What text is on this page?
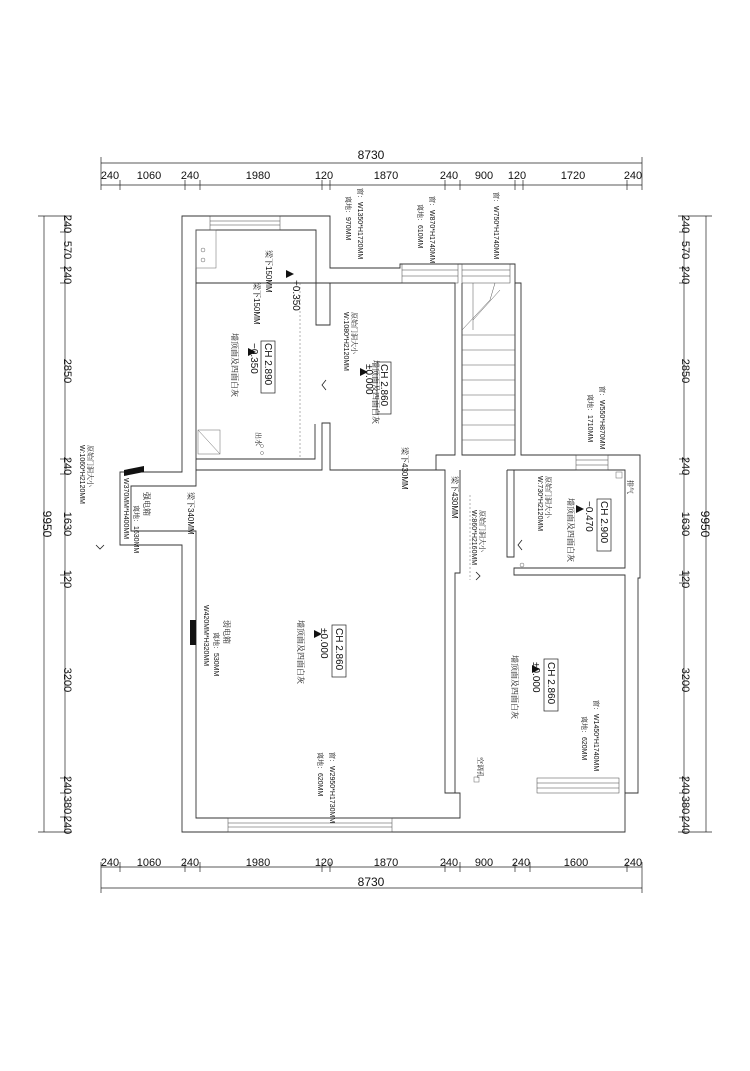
8730
240 1060 240	1980	120	1870	240 900 120	1720	240
240 1060 240	1980	120	1870	240 900 240	1600	240
8730
240
570
240
2850
240
1630
120
3200
240
380
240
9950
240
570
240
2850
240
1630
120
3200
240
380
240
9950
窗：W1350*H1720MM
离地：970MM	窗：W870*H1740MM
离地：610MM	窗：W750*H1740MM
窗：W550*H870MM
离地：1710MM
窗：W1450*H1740MM
离地：620MM
窗：W2950*H1730MM
离地：620MM
梁下150MM
梁下150MM
梁下430MM
梁下430MM
梁下340MM
CH 2.890
−0.350
墙顶面及四面白灰
+0.350
出水
CH 2.860
±0.000
墙顶面及四面白灰
原始门洞大小
W:1080*H2120MM
CH 2.900
−0.470
墙顶面及四面白灰
原始门洞大小
W:730*H2120MM	排气
CH 2.860
±0.000
墙顶面及四面白灰	CH 2.860
±0.000
墙顶面及四面白灰
原始门洞大小
W:860*H2160MM
空调孔
原始门洞大小
W:1060*H2120MM	强电箱
离地：1630MM
W370MM*H400MM
弱电箱
离地：530MM
W420MM*H320MM
